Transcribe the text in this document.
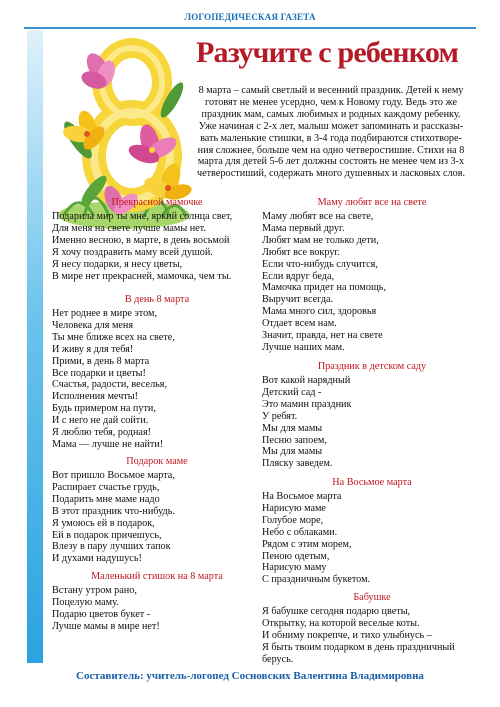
ЛОГОПЕДИЧЕСКАЯ ГАЗЕТА
Разучите с ребенком
8 марта – самый светлый и весенний праздник. Детей к нему
готовят не менее усердно, чем к Новому году. Ведь это же
праздник мам, самых любимых и родных каждому ребенку.
Уже начиная с 2-х лет, малыш может запоминать и рассказы-
вать маленькие стишки, в 3-4 года подбираются стихотворе-
ния сложнее, больше чем на одно четверостишие. Стихи на 8
марта для детей 5-6 лет должны состоять не менее чем из 3-х
четверостиший, содержать много душевных и ласковых слов.
Прекрасной мамочке
Подарила мир ты мне, яркий солнца свет,
Для меня на свете лучше мамы нет.
Именно весною, в марте, в день восьмой
Я хочу поздравить маму всей душой.
Я несу подарки, я несу цветы,
В мире нет прекрасней, мамочка, чем ты.
В день 8 марта
Нет роднее в мире этом,
Человека для меня
Ты мне ближе всех на свете,
И живу я для тебя!
Прими, в день 8 марта
Все подарки и цветы!
Счастья, радости, веселья,
Исполнения мечты!
Будь примером на пути,
И с него не дай сойти.
Я люблю тебя, родная!
Мама — лучше не найти!
Подарок маме
Вот пришло Восьмое марта,
Распирает счастье грудь,
Подарить мне маме надо
В этот праздник что-нибудь.
Я умоюсь ей в подарок,
Ей в подарок причешусь,
Влезу в пару лучших тапок
И духами надушусь!
Маленький стишок на 8 марта
Встану утром рано,
Поцелую маму.
Подарю цветов букет -
Лучше мамы в мире нет!
Маму любят все на свете
Маму любят все на свете,
Мама первый друг.
Любят мам не только дети,
Любят все вокруг.
Если что-нибудь случится,
Если вдруг беда,
Мамочка придет на помощь,
Выручит всегда.
Мама много сил, здоровья
Отдает всем нам.
Значит, правда, нет на свете
Лучше наших мам.
Праздник в детском саду
Вот какой нарядный
Детский сад -
Это мамин праздник
У ребят.
Мы для мамы
Песню запоем,
Мы для мамы
Пляску заведем.
На Восьмое марта
На Восьмое марта
Нарисую маме
Голубое море,
Небо с облаками.
Рядом с этим морем,
Пеною одетым,
Нарисую маму
С праздничным букетом.
Бабушке
Я бабушке сегодня подарю цветы,
Открытку, на которой веселые коты.
И обниму покрепче, и тихо улыбнусь –
Я быть твоим подарком в день праздничный
берусь.
Составитель: учитель-логопед Сосновских Валентина Владимировна
